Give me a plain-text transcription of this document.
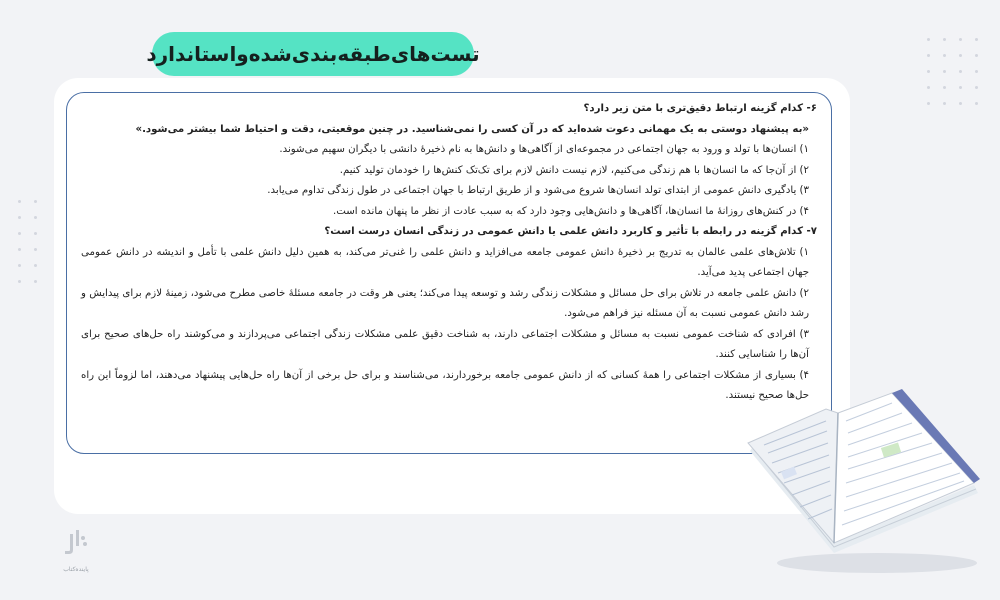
تست‌های‌طبقه‌بندی‌شده‌واستاندارد

۶- کدام گزینه ارتباط دقیق‌تری با متن زیر دارد؟

«به پیشنهاد دوستی به یک مهمانی دعوت شده‌اید که در آن کسی را نمی‌شناسید. در چنین موقعیتی، دقت و احتیاط شما بیشتر می‌شود.»

۱) انسان‌ها با تولد و ورود به جهان اجتماعی در مجموعه‌ای از آگاهی‌ها و دانش‌ها به نام ذخیرۀ دانشی با دیگران سهیم می‌شوند.

۲) از آن‌جا که ما انسان‌ها با هم زندگی می‌کنیم، لازم نیست دانش لازم برای تک‌تک کنش‌ها را خودمان تولید کنیم.

۳) یادگیری دانش عمومی از ابتدای تولد انسان‌ها شروع می‌شود و از طریق ارتباط با جهان اجتماعی در طول زندگی تداوم می‌یابد.

۴) در کنش‌های روزانۀ ما انسان‌ها، آگاهی‌ها و دانش‌هایی وجود دارد که به سبب عادت از نظر ما پنهان مانده است.

۷- کدام گزینه در رابطه با تأثیر و کاربرد دانش علمی یا دانش عمومی در زندگی انسان درست است؟

۱) تلاش‌های علمی عالمان به تدریج بر ذخیرۀ دانش عمومی جامعه می‌افزاید و دانش علمی را غنی‌تر می‌کند، به همین دلیل دانش علمی با تأمل و اندیشه در دانش عمومی جهان اجتماعی پدید می‌آید.

۲) دانش علمی جامعه در تلاش برای حل مسائل و مشکلات زندگی رشد و توسعه پیدا می‌کند؛ یعنی هر وقت در جامعه مسئلۀ خاصی مطرح می‌شود، زمینۀ لازم برای پیدایش و رشد دانش عمومی نسبت به آن مسئله نیز فراهم می‌شود.

۳) افرادی که شناخت عمومی نسبت به مسائل و مشکلات اجتماعی دارند، به شناخت دقیق علمی مشکلات زندگی اجتماعی می‌پردازند و می‌کوشند راه حل‌های صحیح برای آن‌ها را شناسایی کنند.

۴) بسیاری از مشکلات اجتماعی را همۀ کسانی که از دانش عمومی جامعه برخوردارند، می‌شناسند و برای حل برخی از آن‌ها راه حل‌هایی پیشنهاد می‌دهند، اما لزوماً این راه حل‌ها صحیح نیستند.

پاینده‌کتاب
